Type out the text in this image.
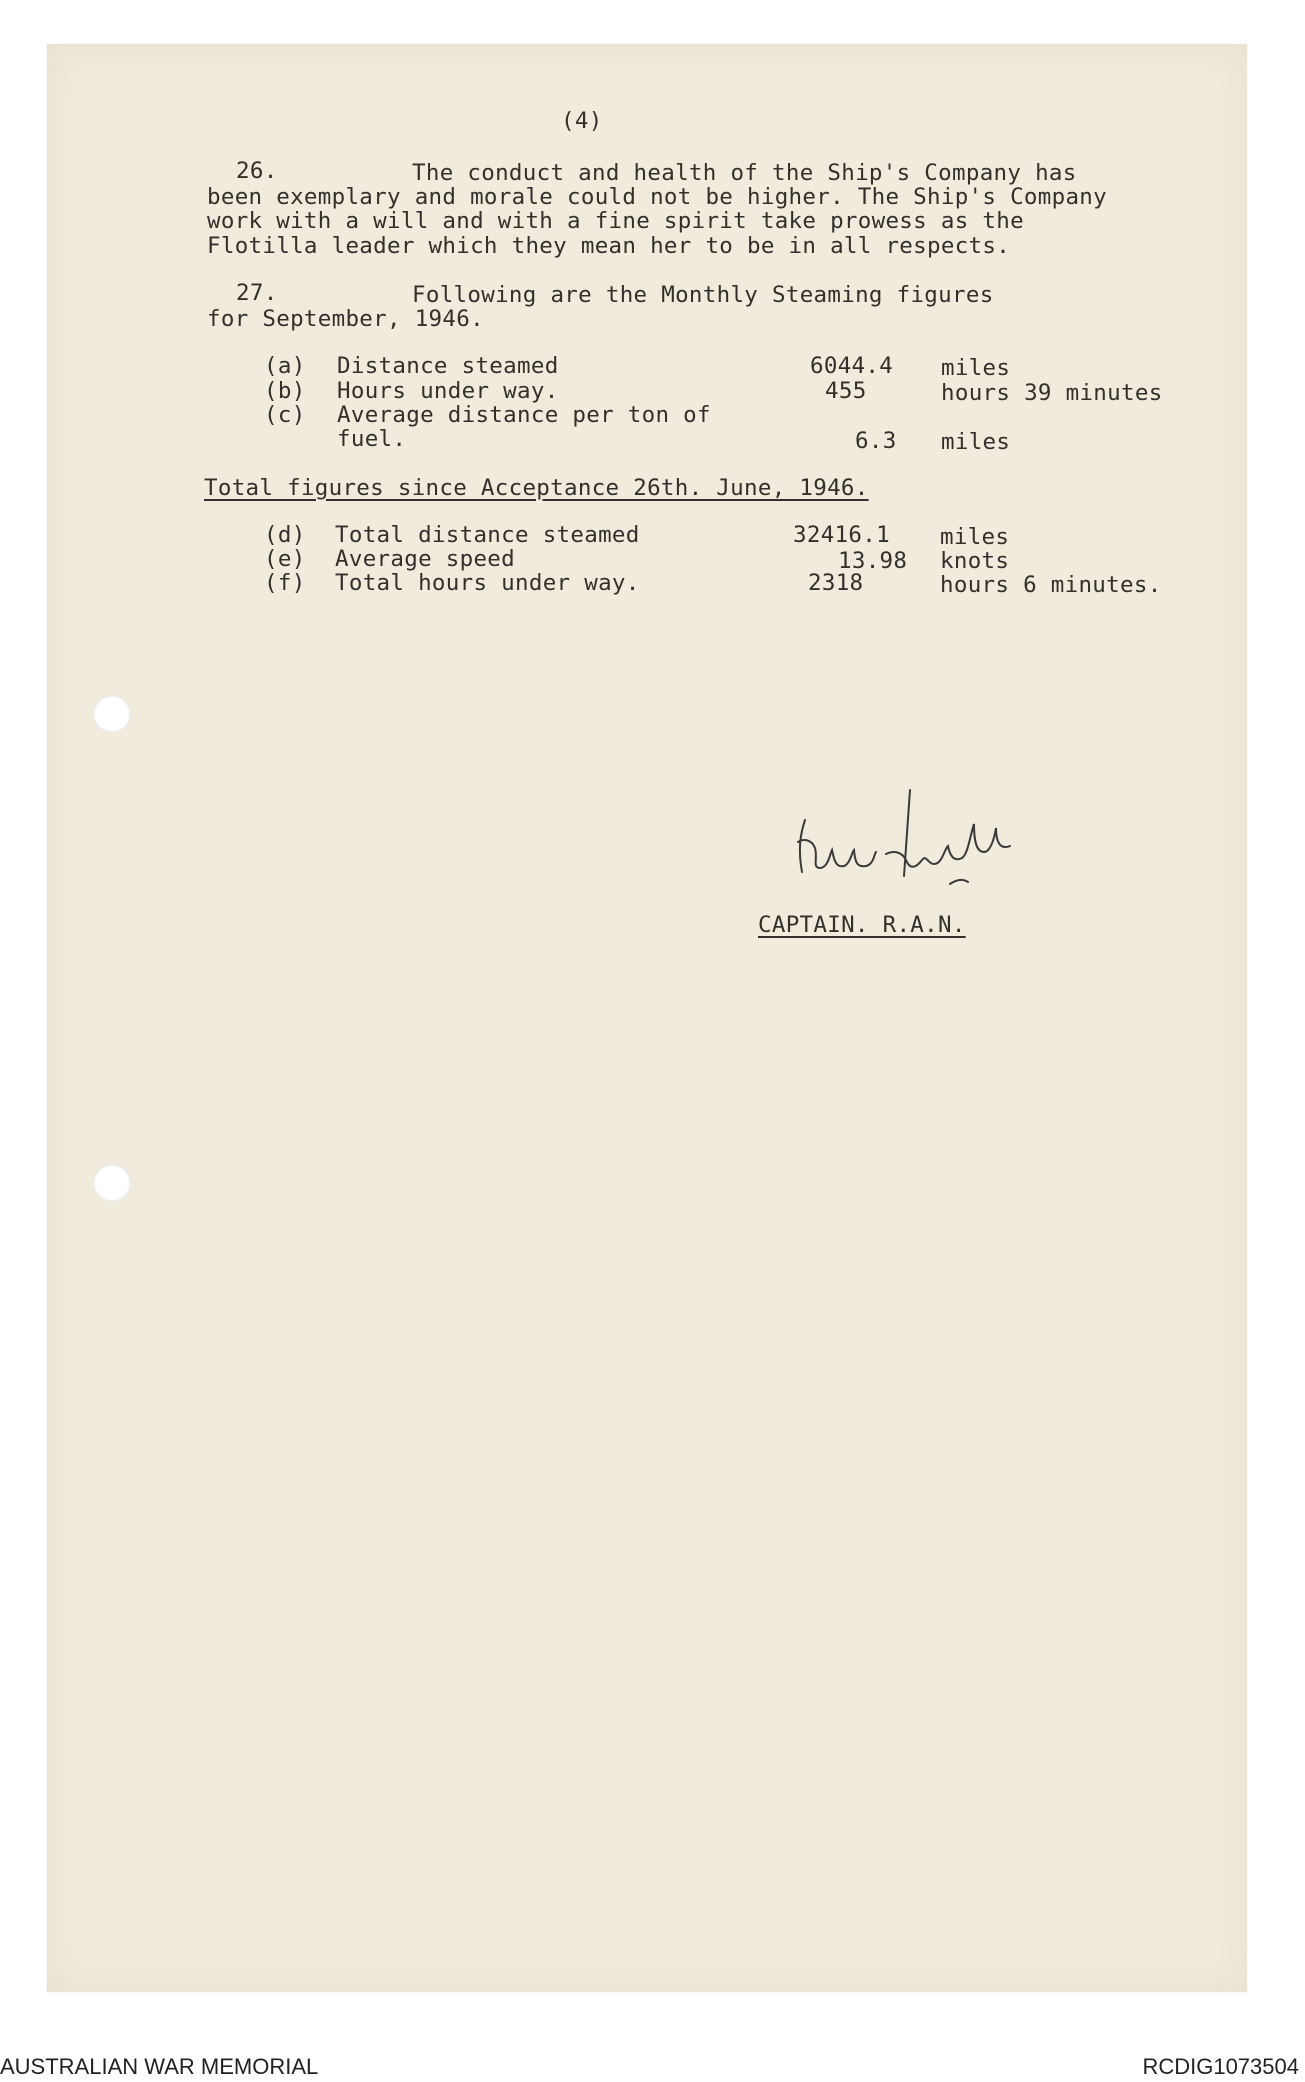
(4)
26.	The conduct and health of the Ship's Company has
been exemplary and morale could not be higher. The Ship's Company
work with a will and with a fine spirit take prowess as the
Flotilla leader which they mean her to be in all respects.
27.	Following are the Monthly Steaming figures
for September, 1946.
(a) Distance steamed	6044.4 miles
(b) Hours under way.	455	hours 39 minutes
(c) Average distance per ton of
fuel.	6.3 miles
Total figures since Acceptance 26th. June, 1946.
(d) Total distance steamed	32416.1 miles
(e) Average speed	13.98 knots
(f) Total hours under way.	2318	hours 6 minutes.
CAPTAIN. R.A.N.
AUSTRALIAN WAR MEMORIAL	RCDIG1073504
